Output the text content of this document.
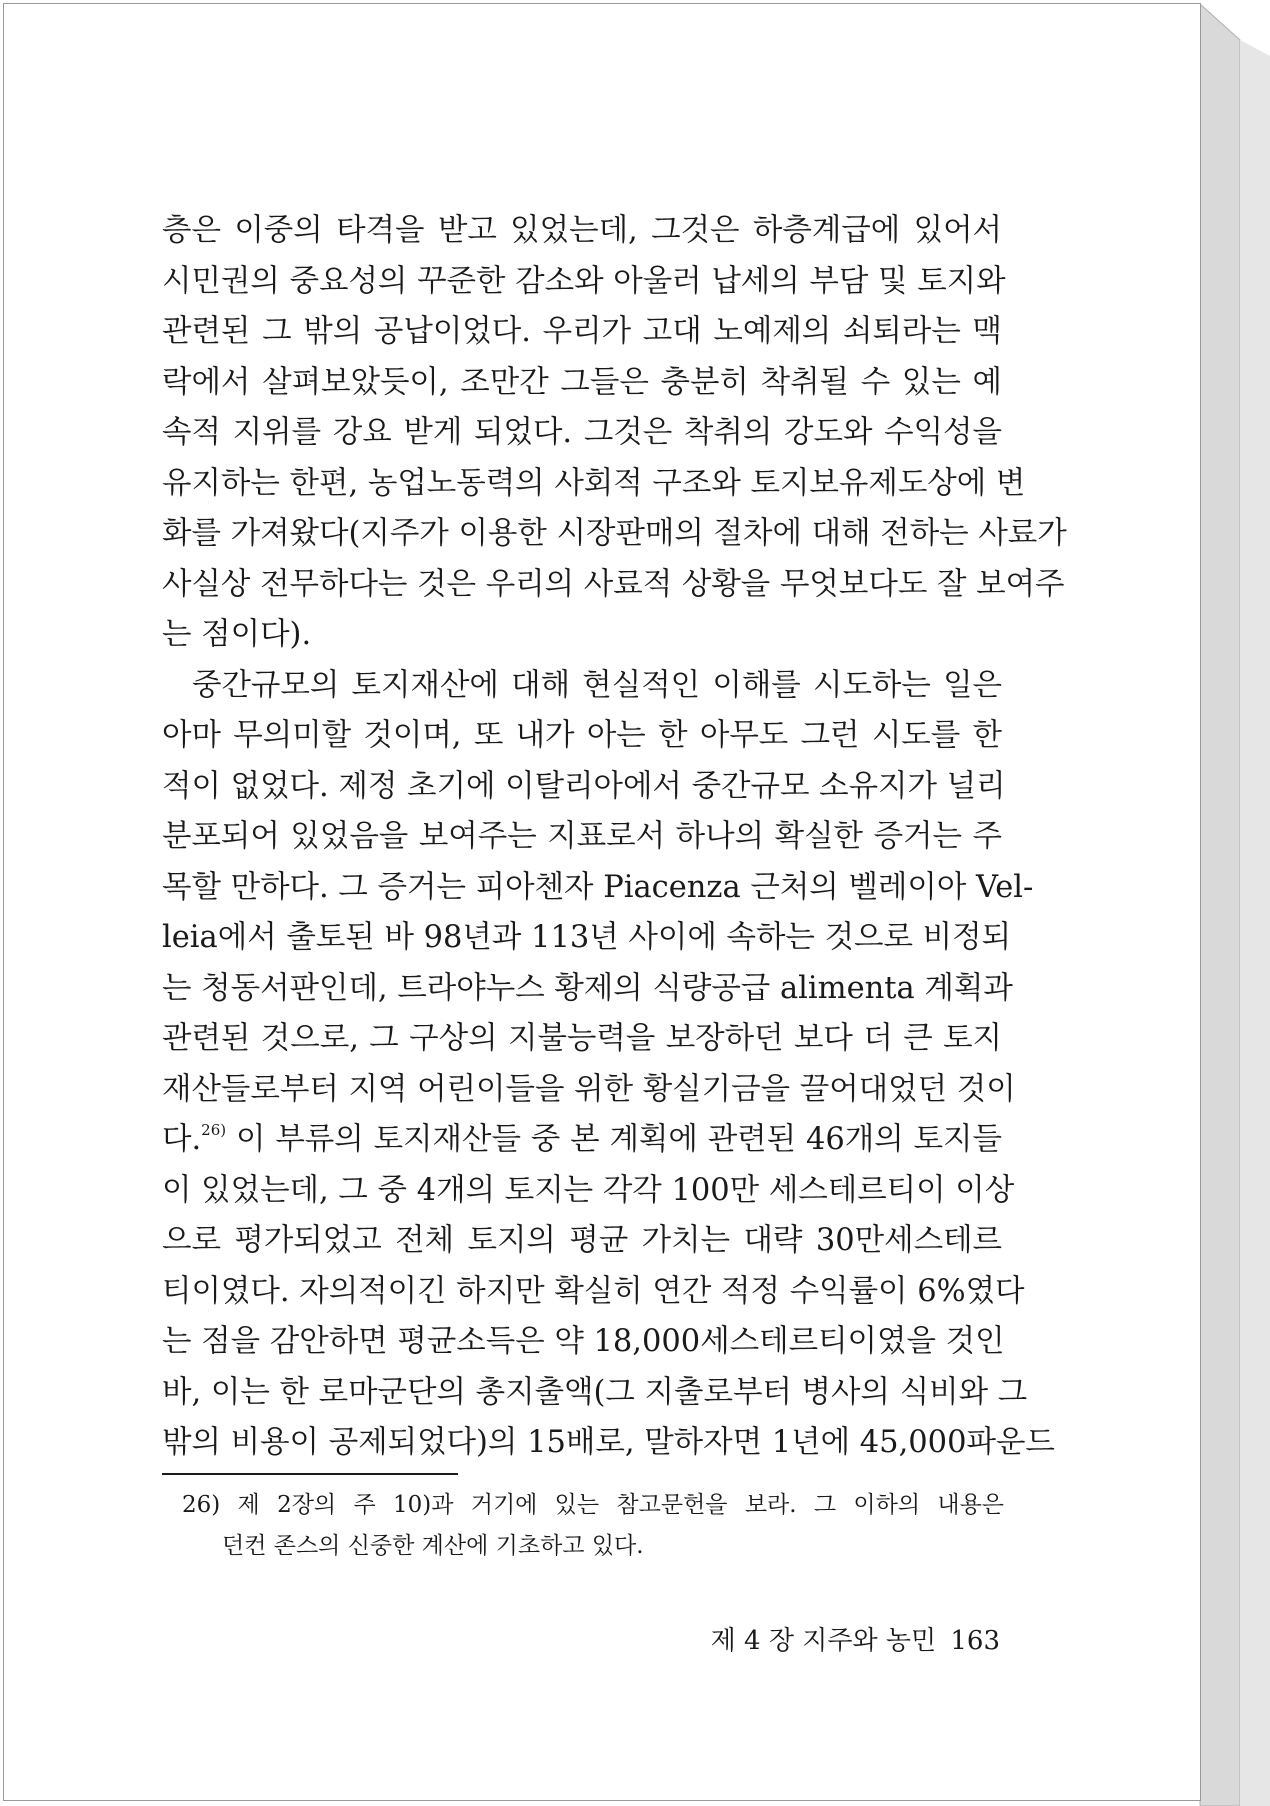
층은 이중의 타격을 받고 있었는데, 그것은 하층계급에 있어서
시민권의 중요성의 꾸준한 감소와 아울러 납세의 부담 및 토지와
관련된 그 밖의 공납이었다. 우리가 고대 노예제의 쇠퇴라는 맥
락에서 살펴보았듯이, 조만간 그들은 충분히 착취될 수 있는 예
속적 지위를 강요 받게 되었다. 그것은 착취의 강도와 수익성을
유지하는 한편, 농업노동력의 사회적 구조와 토지보유제도상에 변
화를 가져왔다(지주가 이용한 시장판매의 절차에 대해 전하는 사료가
사실상 전무하다는 것은 우리의 사료적 상황을 무엇보다도 잘 보여주
는 점이다).
중간규모의 토지재산에 대해 현실적인 이해를 시도하는 일은
아마 무의미할 것이며, 또 내가 아는 한 아무도 그런 시도를 한
적이 없었다. 제정 초기에 이탈리아에서 중간규모 소유지가 널리
분포되어 있었음을 보여주는 지표로서 하나의 확실한 증거는 주
목할 만하다. 그 증거는 피아첸자 Piacenza 근처의 벨레이아 Vel-
leia에서 출토된 바 98년과 113년 사이에 속하는 것으로 비정되
는 청동서판인데, 트라야누스 황제의 식량공급 alimenta 계획과
관련된 것으로, 그 구상의 지불능력을 보장하던 보다 더 큰 토지
재산들로부터 지역 어린이들을 위한 황실기금을 끌어대었던 것이
다.$^{26)}$ 이 부류의 토지재산들 중 본 계획에 관련된 46개의 토지들
이 있었는데, 그 중 4개의 토지는 각각 100만 세스테르티이 이상
으로 평가되었고 전체 토지의 평균 가치는 대략 30만세스테르
티이였다. 자의적이긴 하지만 확실히 연간 적정 수익률이 6%였다
는 점을 감안하면 평균소득은 약 18,000세스테르티이였을 것인
바, 이는 한 로마군단의 총지출액(그 지출로부터 병사의 식비와 그
밖의 비용이 공제되었다)의 15배로, 말하자면 1년에 45,000파운드
26) 제 2장의 주 10)과 거기에 있는 참고문헌을 보라. 그 이하의 내용은
던컨 존스의 신중한 계산에 기초하고 있다.
제 4 장 지주와 농민 163
